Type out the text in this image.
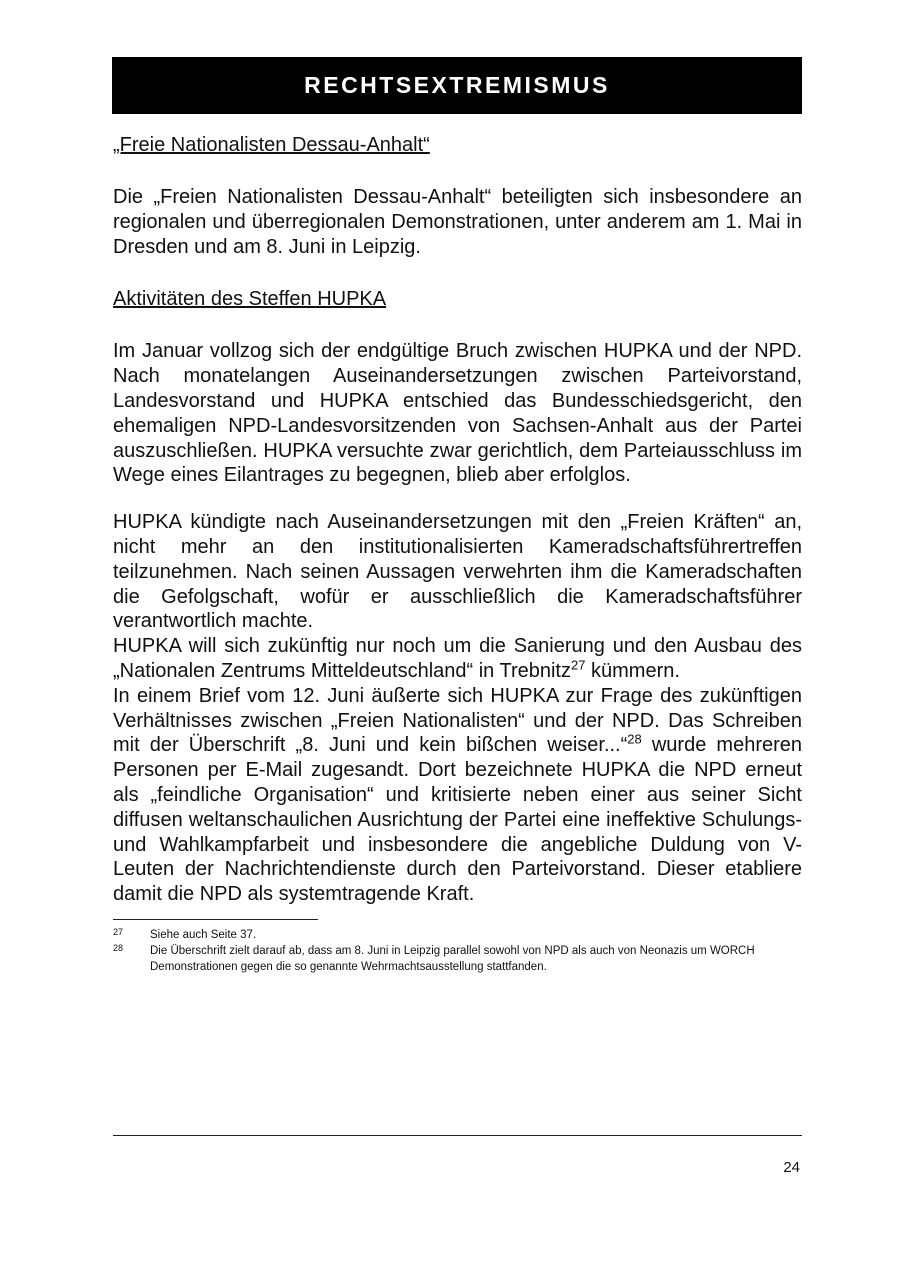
RECHTSEXTREMISMUS

„Freie Nationalisten Dessau-Anhalt“

Die „Freien Nationalisten Dessau-Anhalt“ beteiligten sich insbesondere an regionalen und überregionalen Demonstrationen, unter anderem am 1. Mai in Dresden und am 8. Juni in Leipzig.

Aktivitäten des Steffen HUPKA

Im Januar vollzog sich der endgültige Bruch zwischen HUPKA und der NPD. Nach monatelangen Auseinandersetzungen zwischen Parteivorstand, Landesvorstand und HUPKA entschied das Bundesschiedsgericht, den ehemaligen NPD-Landesvorsitzenden von Sachsen-Anhalt aus der Partei auszuschließen. HUPKA versuchte zwar gerichtlich, dem Parteiausschluss im Wege eines Eilantrages zu begegnen, blieb aber erfolglos.

HUPKA kündigte nach Auseinandersetzungen mit den „Freien Kräften“ an, nicht mehr an den institutionalisierten Kameradschaftsführertreffen teilzunehmen. Nach seinen Aussagen verwehrten ihm die Kameradschaften die Gefolgschaft, wofür er ausschließlich die Kameradschaftsführer verantwortlich machte.

HUPKA will sich zukünftig nur noch um die Sanierung und den Ausbau des „Nationalen Zentrums Mitteldeutschland“ in Trebnitz$^{27}$ kümmern.

In einem Brief vom 12. Juni äußerte sich HUPKA zur Frage des zukünftigen Verhältnisses zwischen „Freien Nationalisten“ und der NPD. Das Schreiben mit der Überschrift „8. Juni und kein bißchen weiser...“$^{28}$ wurde mehreren Personen per E-Mail zugesandt. Dort bezeichnete HUPKA die NPD erneut als „feindliche Organisation“ und kritisierte neben einer aus seiner Sicht diffusen weltanschaulichen Ausrichtung der Partei eine ineffektive Schulungs- und Wahlkampfarbeit und insbesondere die angebliche Duldung von V-Leuten der Nachrichtendienste durch den Parteivorstand. Dieser etabliere damit die NPD als systemtragende Kraft.

27	Siehe auch Seite 37.
28	Die Überschrift zielt darauf ab, dass am 8. Juni in Leipzig parallel sowohl von NPD als auch von Neonazis um WORCH Demonstrationen gegen die so genannte Wehrmachtsausstellung stattfanden.
24
